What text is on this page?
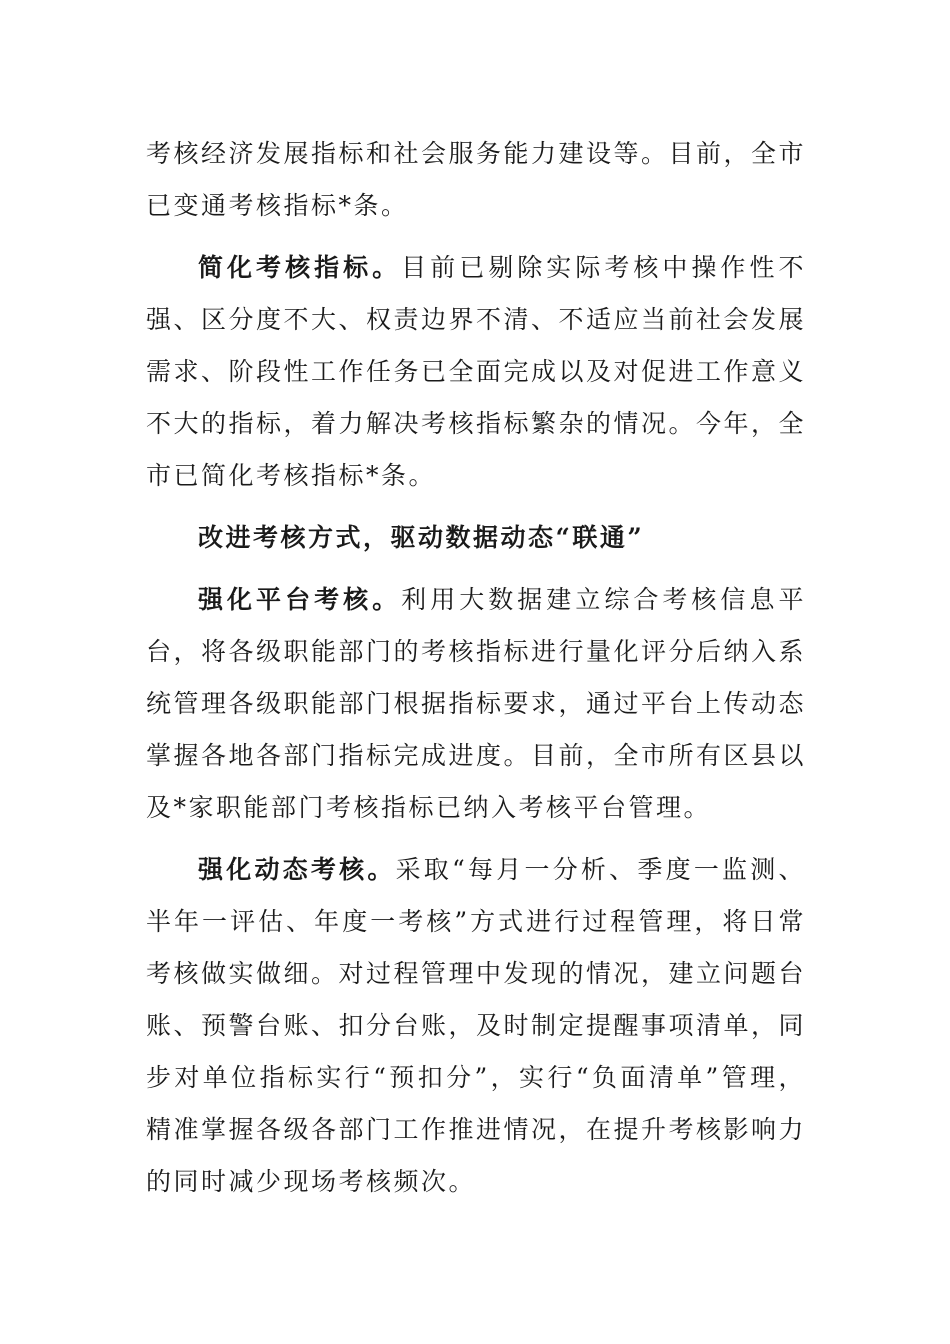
考核经济发展指标和社会服务能力建设等。目前，全市已变通考核指标*条。

简化考核指标。目前已剔除实际考核中操作性不强、区分度不大、权责边界不清、不适应当前社会发展需求、阶段性工作任务已全面完成以及对促进工作意义不大的指标，着力解决考核指标繁杂的情况。今年，全市已简化考核指标*条。

改进考核方式，驱动数据动态“联通”

强化平台考核。利用大数据建立综合考核信息平台，将各级职能部门的考核指标进行量化评分后纳入系统管理各级职能部门根据指标要求，通过平台上传动态掌握各地各部门指标完成进度。目前，全市所有区县以及*家职能部门考核指标已纳入考核平台管理。

强化动态考核。采取“每月一分析、季度一监测、半年一评估、年度一考核”方式进行过程管理，将日常考核做实做细。对过程管理中发现的情况，建立问题台账、预警台账、扣分台账，及时制定提醒事项清单，同步对单位指标实行“预扣分”，实行“负面清单”管理，精准掌握各级各部门工作推进情况，在提升考核影响力的同时减少现场考核频次。
